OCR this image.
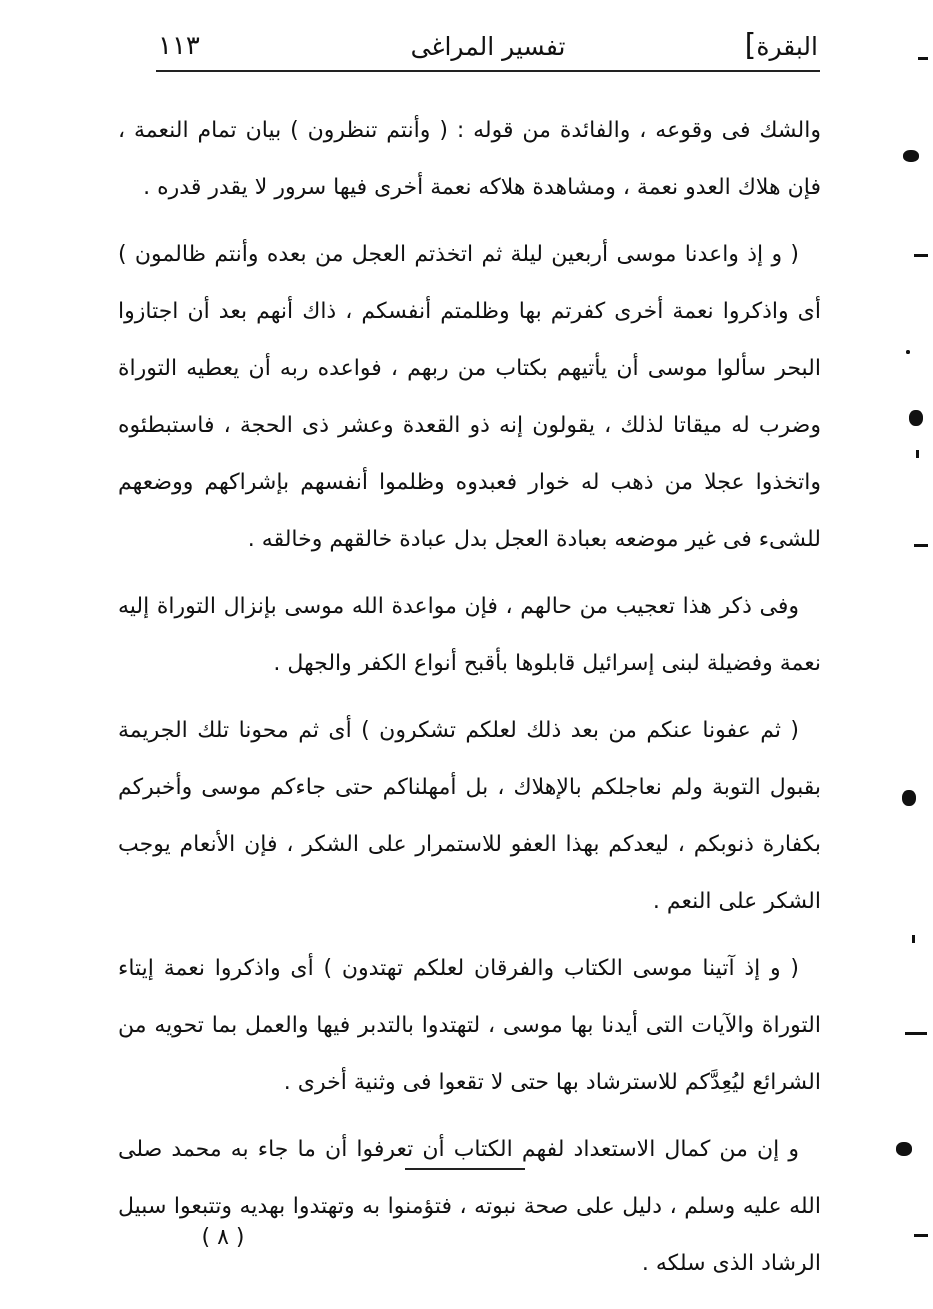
البقرة]
تفسير المراغى
١١٣

والشك فى وقوعه ، والفائدة من قوله : ( وأنتم تنظرون ) بيان تمام النعمة ، فإن هلاك العدو نعمة ، ومشاهدة هلاكه نعمة أخرى فيها سرور لا يقدر قدره .

( و إذ واعدنا موسى أربعين ليلة ثم اتخذتم العجل من بعده وأنتم ظالمون ) أى واذكروا نعمة أخرى كفرتم بها وظلمتم أنفسكم ، ذاك أنهم بعد أن اجتازوا البحر سألوا موسى أن يأتيهم بكتاب من ربهم ، فواعده ربه أن يعطيه التوراة وضرب له ميقاتا لذلك ، يقولون إنه ذو القعدة وعشر ذى الحجة ، فاستبطئوه واتخذوا عجلا من ذهب له خوار فعبدوه وظلموا أنفسهم بإشراكهم ووضعهم للشىء فى غير موضعه بعبادة العجل بدل عبادة خالقهم وخالقه .

وفى ذكر هذا تعجيب من حالهم ، فإن مواعدة الله موسى بإنزال التوراة إليه نعمة وفضيلة لبنى إسرائيل قابلوها بأقبح أنواع الكفر والجهل .

( ثم عفونا عنكم من بعد ذلك لعلكم تشكرون ) أى ثم محونا تلك الجريمة بقبول التوبة ولم نعاجلكم بالإهلاك ، بل أمهلناكم حتى جاءكم موسى وأخبركم بكفارة ذنوبكم ، ليعدكم بهذا العفو للاستمرار على الشكر ، فإن الأنعام يوجب الشكر على النعم .

( و إذ آتينا موسى الكتاب والفرقان لعلكم تهتدون ) أى واذكروا نعمة إيتاء التوراة والآيات التى أيدنا بها موسى ، لتهتدوا بالتدبر فيها والعمل بما تحويه من الشرائع ليُعِدَّكم للاسترشاد بها حتى لا تقعوا فى وثنية أخرى .

و إن من كمال الاستعداد لفهم الكتاب أن تعرفوا أن ما جاء به محمد صلى الله عليه وسلم ، دليل على صحة نبوته ، فتؤمنوا به وتهتدوا بهديه وتتبعوا سبيل الرشاد الذى سلكه .

( ٨ )
